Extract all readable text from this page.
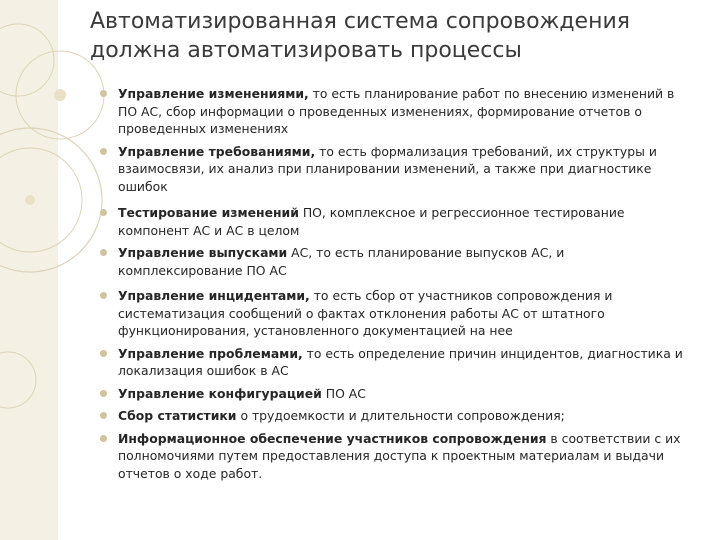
Автоматизированная система сопровождения
должна автоматизировать процессы
Управление изменениями, то есть планирование работ по внесению изменений в ПО АС, сбор информации о проведенных изменениях, формирование отчетов о проведенных изменениях
Управление требованиями, то есть формализация требований, их структуры и взаимосвязи, их анализ при планировании изменений, а также при диагностике ошибок
Тестирование изменений ПО, комплексное и регрессионное тестирование компонент АС и АС в целом
Управление выпусками АС, то есть планирование выпусков АС, и комплексирование ПО АС
Управление инцидентами, то есть сбор от участников сопровождения и систематизация сообщений о фактах отклонения работы АС от штатного функционирования, установленного документацией на нее
Управление проблемами, то есть определение причин инцидентов, диагностика и локализация ошибок в АС
Управление конфигурацией ПО АС
Сбор статистики о трудоемкости и длительности сопровождения;
Информационное обеспечение участников сопровождения в соответствии с их полномочиями путем предоставления доступа к проектным материалам и выдачи отчетов о ходе работ.
